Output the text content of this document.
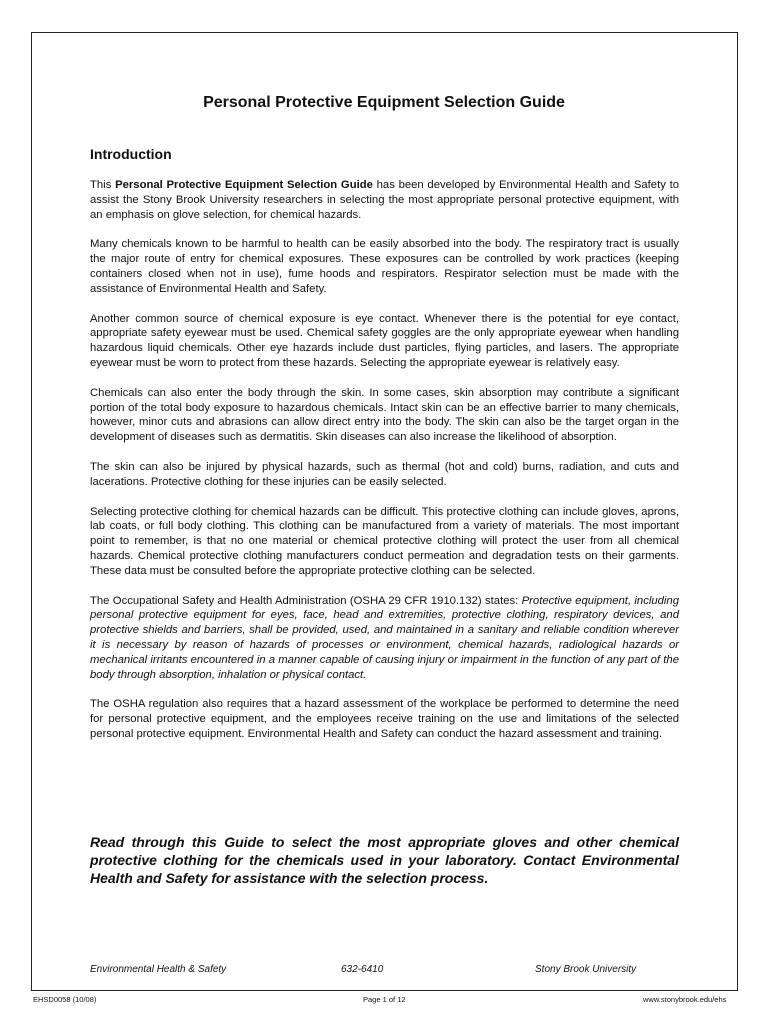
Personal Protective Equipment Selection Guide
Introduction

This Personal Protective Equipment Selection Guide has been developed by Environmental Health and Safety to assist the Stony Brook University researchers in selecting the most appropriate personal protective equipment, with an emphasis on glove selection, for chemical hazards.

Many chemicals known to be harmful to health can be easily absorbed into the body. The respiratory tract is usually the major route of entry for chemical exposures. These exposures can be controlled by work practices (keeping containers closed when not in use), fume hoods and respirators. Respirator selection must be made with the assistance of Environmental Health and Safety.

Another common source of chemical exposure is eye contact. Whenever there is the potential for eye contact, appropriate safety eyewear must be used. Chemical safety goggles are the only appropriate eyewear when handling hazardous liquid chemicals. Other eye hazards include dust particles, flying particles, and lasers. The appropriate eyewear must be worn to protect from these hazards. Selecting the appropriate eyewear is relatively easy.

Chemicals can also enter the body through the skin. In some cases, skin absorption may contribute a significant portion of the total body exposure to hazardous chemicals. Intact skin can be an effective barrier to many chemicals, however, minor cuts and abrasions can allow direct entry into the body. The skin can also be the target organ in the development of diseases such as dermatitis. Skin diseases can also increase the likelihood of absorption.

The skin can also be injured by physical hazards, such as thermal (hot and cold) burns, radiation, and cuts and lacerations. Protective clothing for these injuries can be easily selected.

Selecting protective clothing for chemical hazards can be difficult. This protective clothing can include gloves, aprons, lab coats, or full body clothing. This clothing can be manufactured from a variety of materials. The most important point to remember, is that no one material or chemical protective clothing will protect the user from all chemical hazards. Chemical protective clothing manufacturers conduct permeation and degradation tests on their garments. These data must be consulted before the appropriate protective clothing can be selected.

The Occupational Safety and Health Administration (OSHA 29 CFR 1910.132) states: Protective equipment, including personal protective equipment for eyes, face, head and extremities, protective clothing, respiratory devices, and protective shields and barriers, shall be provided, used, and maintained in a sanitary and reliable condition wherever it is necessary by reason of hazards of processes or environment, chemical hazards, radiological hazards or mechanical irritants encountered in a manner capable of causing injury or impairment in the function of any part of the body through absorption, inhalation or physical contact.

The OSHA regulation also requires that a hazard assessment of the workplace be performed to determine the need for personal protective equipment, and the employees receive training on the use and limitations of the selected personal protective equipment. Environmental Health and Safety can conduct the hazard assessment and training.

Read through this Guide to select the most appropriate gloves and other chemical protective clothing for the chemicals used in your laboratory. Contact Environmental Health and Safety for assistance with the selection process.
Environmental Health & Safety	632-6410	Stony Brook University
EHSD0058 (10/08)	Page 1 of 12	www.stonybrook.edu/ehs
